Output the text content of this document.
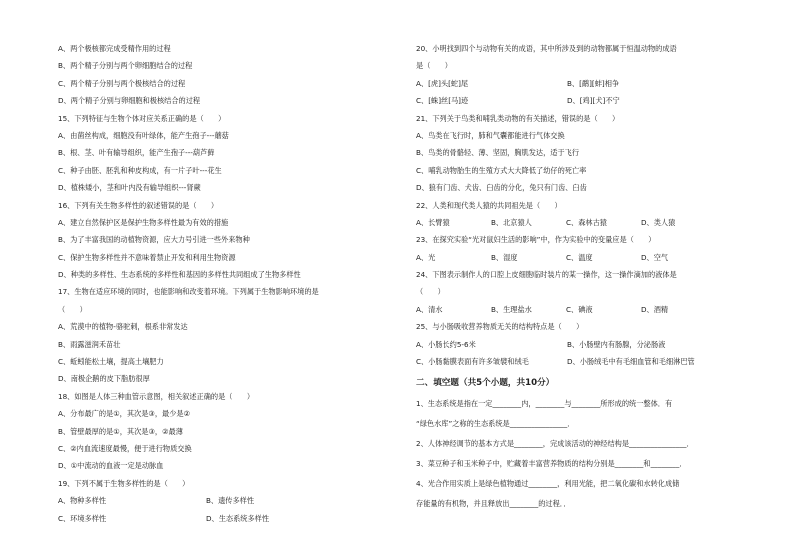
A、两个极核都完成受精作用的过程
B、两个精子分别与两个卵细胞结合的过程
C、两个精子分别与两个极核结合的过程
D、两个精子分别与卵细胞和极核结合的过程
15、下列特征与生物个体对应关系正确的是（　　）
A、由菌丝构成，细胞没有叶绿体，能产生孢子---蘑菇
B、根、茎、叶有输导组织，能产生孢子---葫芦藓
C、种子由胚、胚乳和种皮构成，有一片子叶---花生
D、植株矮小，茎和叶内没有输导组织---肾蕨
16、下列有关生物多样性的叙述错误的是（　　）
A、建立自然保护区是保护生物多样性最为有效的措施
B、为了丰富我国的动植物资源，应大力号引进一些外来物种
C、保护生物多样性并不意味着禁止开发和利用生物资源
D、种类的多样性、生态系统的多样性和基因的多样性共同组成了生物多样性
17、生物在适应环境的同时，也能影响和改变着环境。下列属于生物影响环境的是
（　　）
A、荒漠中的植物-骆驼刺，根系非常发达
B、雨露滋润禾苗壮
C、蚯蚓能松土壤，提高土壤肥力
D、南极企鹅的皮下脂肪很厚
18、如图是人体三种血管示意图，相关叙述正确的是（　　）
A、分布最广的是①，其次是③，最少是②
B、管壁最厚的是①，其次是③，②最薄
C、②内血流速度最慢，便于进行物质交换
D、①中流动的血液一定是动脉血
19、下列不属于生物多样性的是（　　）
A、物种多样性	B、遗传多样性
C、环境多样性	D、生态系统多样性
20、小明找到四个与动物有关的成语，其中所涉及到的动物都属于恒温动物的成语
是（　　）
A、[虎]头[蛇]尾	B、[鹬][蚌]相争
C、[蛛]丝[马]迹	D、[鸡][犬]不宁
21、下列关于鸟类和哺乳类动物的有关描述，错误的是（　　）
A、鸟类在飞行时，肺和气囊都能进行气体交换
B、鸟类的骨骼轻、薄、坚固，胸肌发达，适于飞行
C、哺乳动物胎生的生殖方式大大降低了幼仔的死亡率
D、狼有门齿、犬齿、臼齿的分化，兔只有门齿、臼齿
22、人类和现代类人猿的共同祖先是（　　）
A、长臂猿	B、北京猿人	C、森林古猿	D、类人猿
23、在探究实验“光对鼠妇生活的影响”中，作为实验中的变量应是（　　）
A、光	B、湿度	C、温度	D、空气
24、下图表示制作人的口腔上皮细胞临时装片的某一操作，这一操作滴加的液体是
（　　）
A、清水	B、生理盐水	C、碘液	D、酒精
25、与小肠吸收营养物质无关的结构特点是（　　）
A、小肠长约5-6米	B、小肠壁内有肠腺，分泌肠液
C、小肠黏膜表面有许多皱襞和绒毛	D、小肠绒毛中有毛细血管和毛细淋巴管
二、填空题（共5个小题，共10分）
1、生态系统是指在一定________内，________与________所形成的统一整体．有
“绿色水库”之称的生态系统是________________．
2、人体神经调节的基本方式是________，完成该活动的神经结构是________________．
3、菜豆种子和玉米种子中，贮藏着丰富营养物质的结构分别是________和________．
4、光合作用实质上是绿色植物通过________，利用光能，把二氧化碳和水转化成储
存能量的有机物，并且释放出________的过程．．
